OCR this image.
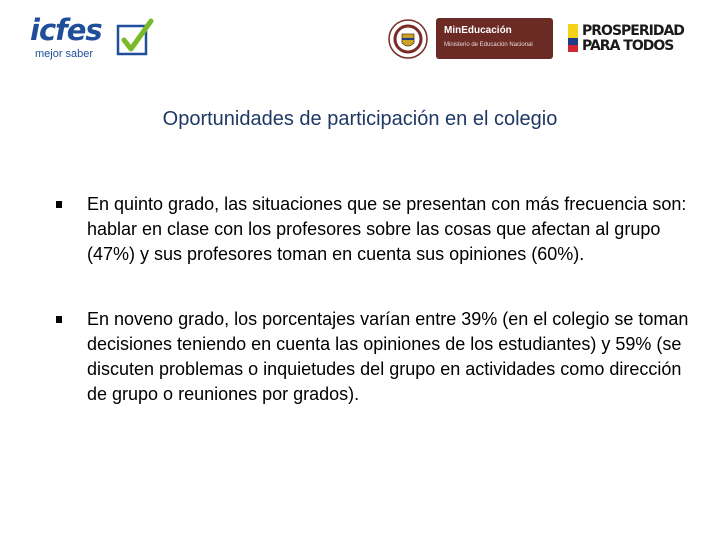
icfes
mejor saber
MinEducación
Ministerio de Educación Nacional
PROSPERIDAD
PARA TODOS
Oportunidades de participación en el colegio
En quinto grado, las situaciones que se presentan con más frecuencia son: hablar en clase con los profesores sobre las cosas que afectan al grupo (47%) y sus profesores toman en cuenta sus opiniones (60%).
En noveno grado, los porcentajes varían entre 39% (en el colegio se toman decisiones teniendo en cuenta las opiniones de los estudiantes) y 59% (se discuten problemas o inquietudes del grupo en actividades como dirección de grupo o reuniones por grados).
